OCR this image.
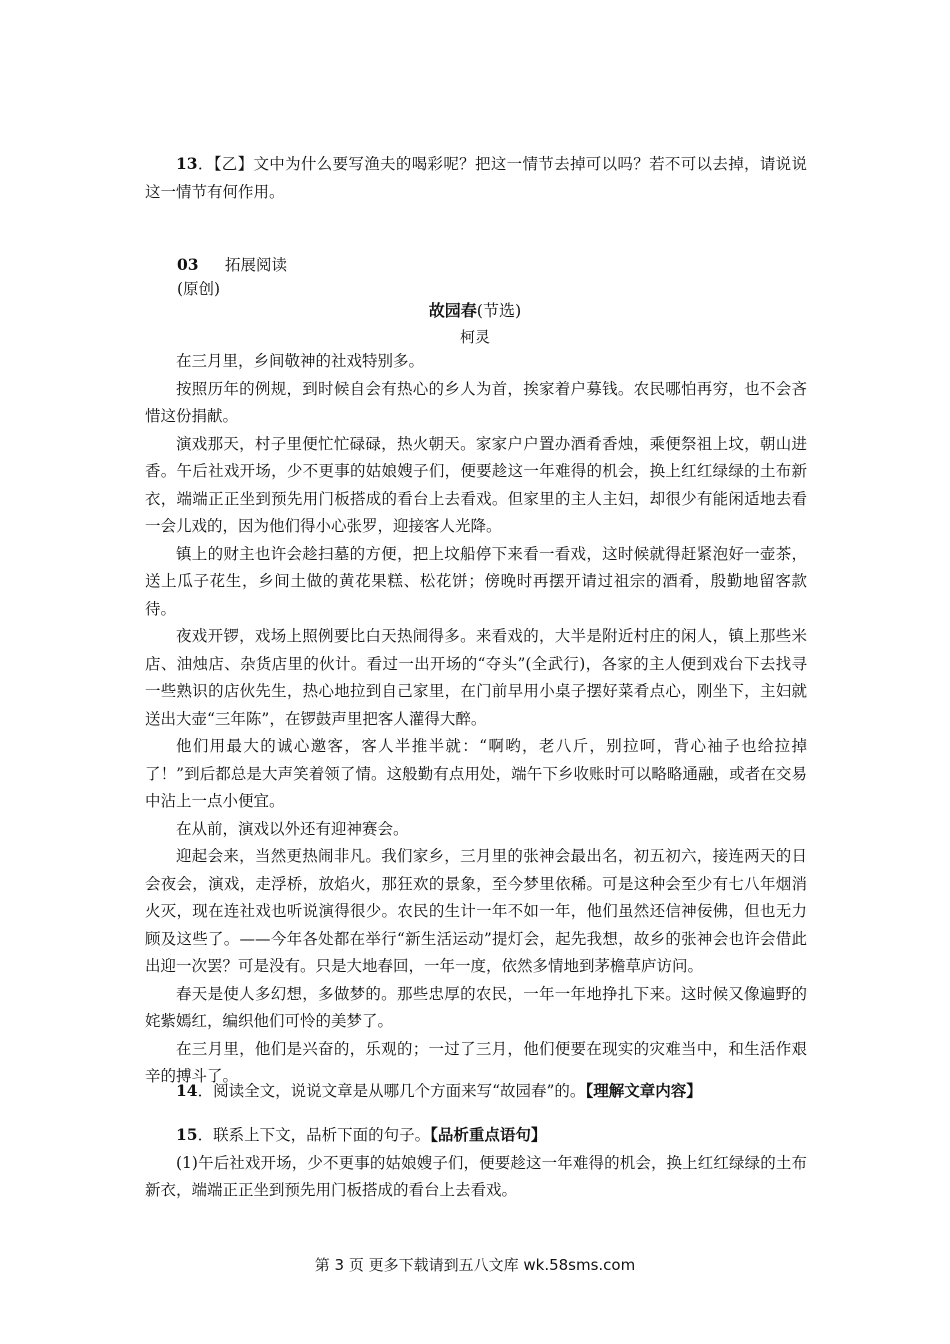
13．【乙】文中为什么要写渔夫的喝彩呢？把这一情节去掉可以吗？若不可以去掉，请说说这一情节有何作用。

03 拓展阅读
(原创)
故园春(节选)
柯灵

在三月里，乡间敬神的社戏特别多。

按照历年的例规，到时候自会有热心的乡人为首，挨家着户募钱。农民哪怕再穷，也不会吝惜这份捐献。

演戏那天，村子里便忙忙碌碌，热火朝天。家家户户置办酒肴香烛，乘便祭祖上坟，朝山进香。午后社戏开场，少不更事的姑娘嫂子们，便要趁这一年难得的机会，换上红红绿绿的土布新衣，端端正正坐到预先用门板搭成的看台上去看戏。但家里的主人主妇，却很少有能闲适地去看一会儿戏的，因为他们得小心张罗，迎接客人光降。

镇上的财主也许会趁扫墓的方便，把上坟船停下来看一看戏，这时候就得赶紧泡好一壶茶，送上瓜子花生，乡间土做的黄花果糕、松花饼；傍晚时再摆开请过祖宗的酒肴，殷勤地留客款待。

夜戏开锣，戏场上照例要比白天热闹得多。来看戏的，大半是附近村庄的闲人，镇上那些米店、油烛店、杂货店里的伙计。看过一出开场的“夺头”(全武行)，各家的主人便到戏台下去找寻一些熟识的店伙先生，热心地拉到自己家里，在门前早用小桌子摆好菜肴点心，刚坐下，主妇就送出大壶“三年陈”，在锣鼓声里把客人灌得大醉。

他们用最大的诚心邀客，客人半推半就：“啊哟，老八斤，别拉呵，背心袖子也给拉掉了！”到后都总是大声笑着领了情。这般勤有点用处，端午下乡收账时可以略略通融，或者在交易中沾上一点小便宜。

在从前，演戏以外还有迎神赛会。

迎起会来，当然更热闹非凡。我们家乡，三月里的张神会最出名，初五初六，接连两天的日会夜会，演戏，走浮桥，放焰火，那狂欢的景象，至今梦里依稀。可是这种会至少有七八年烟消火灭，现在连社戏也听说演得很少。农民的生计一年不如一年，他们虽然还信神佞佛，但也无力顾及这些了。——今年各处都在举行“新生活运动”提灯会，起先我想，故乡的张神会也许会借此出迎一次罢？可是没有。只是大地春回，一年一度，依然多情地到茅檐草庐访问。

春天是使人多幻想，多做梦的。那些忠厚的农民，一年一年地挣扎下来。这时候又像遍野的姹紫嫣红，编织他们可怜的美梦了。

在三月里，他们是兴奋的，乐观的；一过了三月，他们便要在现实的灾难当中，和生活作艰辛的搏斗了。

14．阅读全文，说说文章是从哪几个方面来写“故园春”的。【理解文章内容】

15．联系上下文，品析下面的句子。【品析重点语句】

(1)午后社戏开场，少不更事的姑娘嫂子们，便要趁这一年难得的机会，换上红红绿绿的土布新衣，端端正正坐到预先用门板搭成的看台上去看戏。

第 3 页 更多下载请到五八文库 wk.58sms.com
